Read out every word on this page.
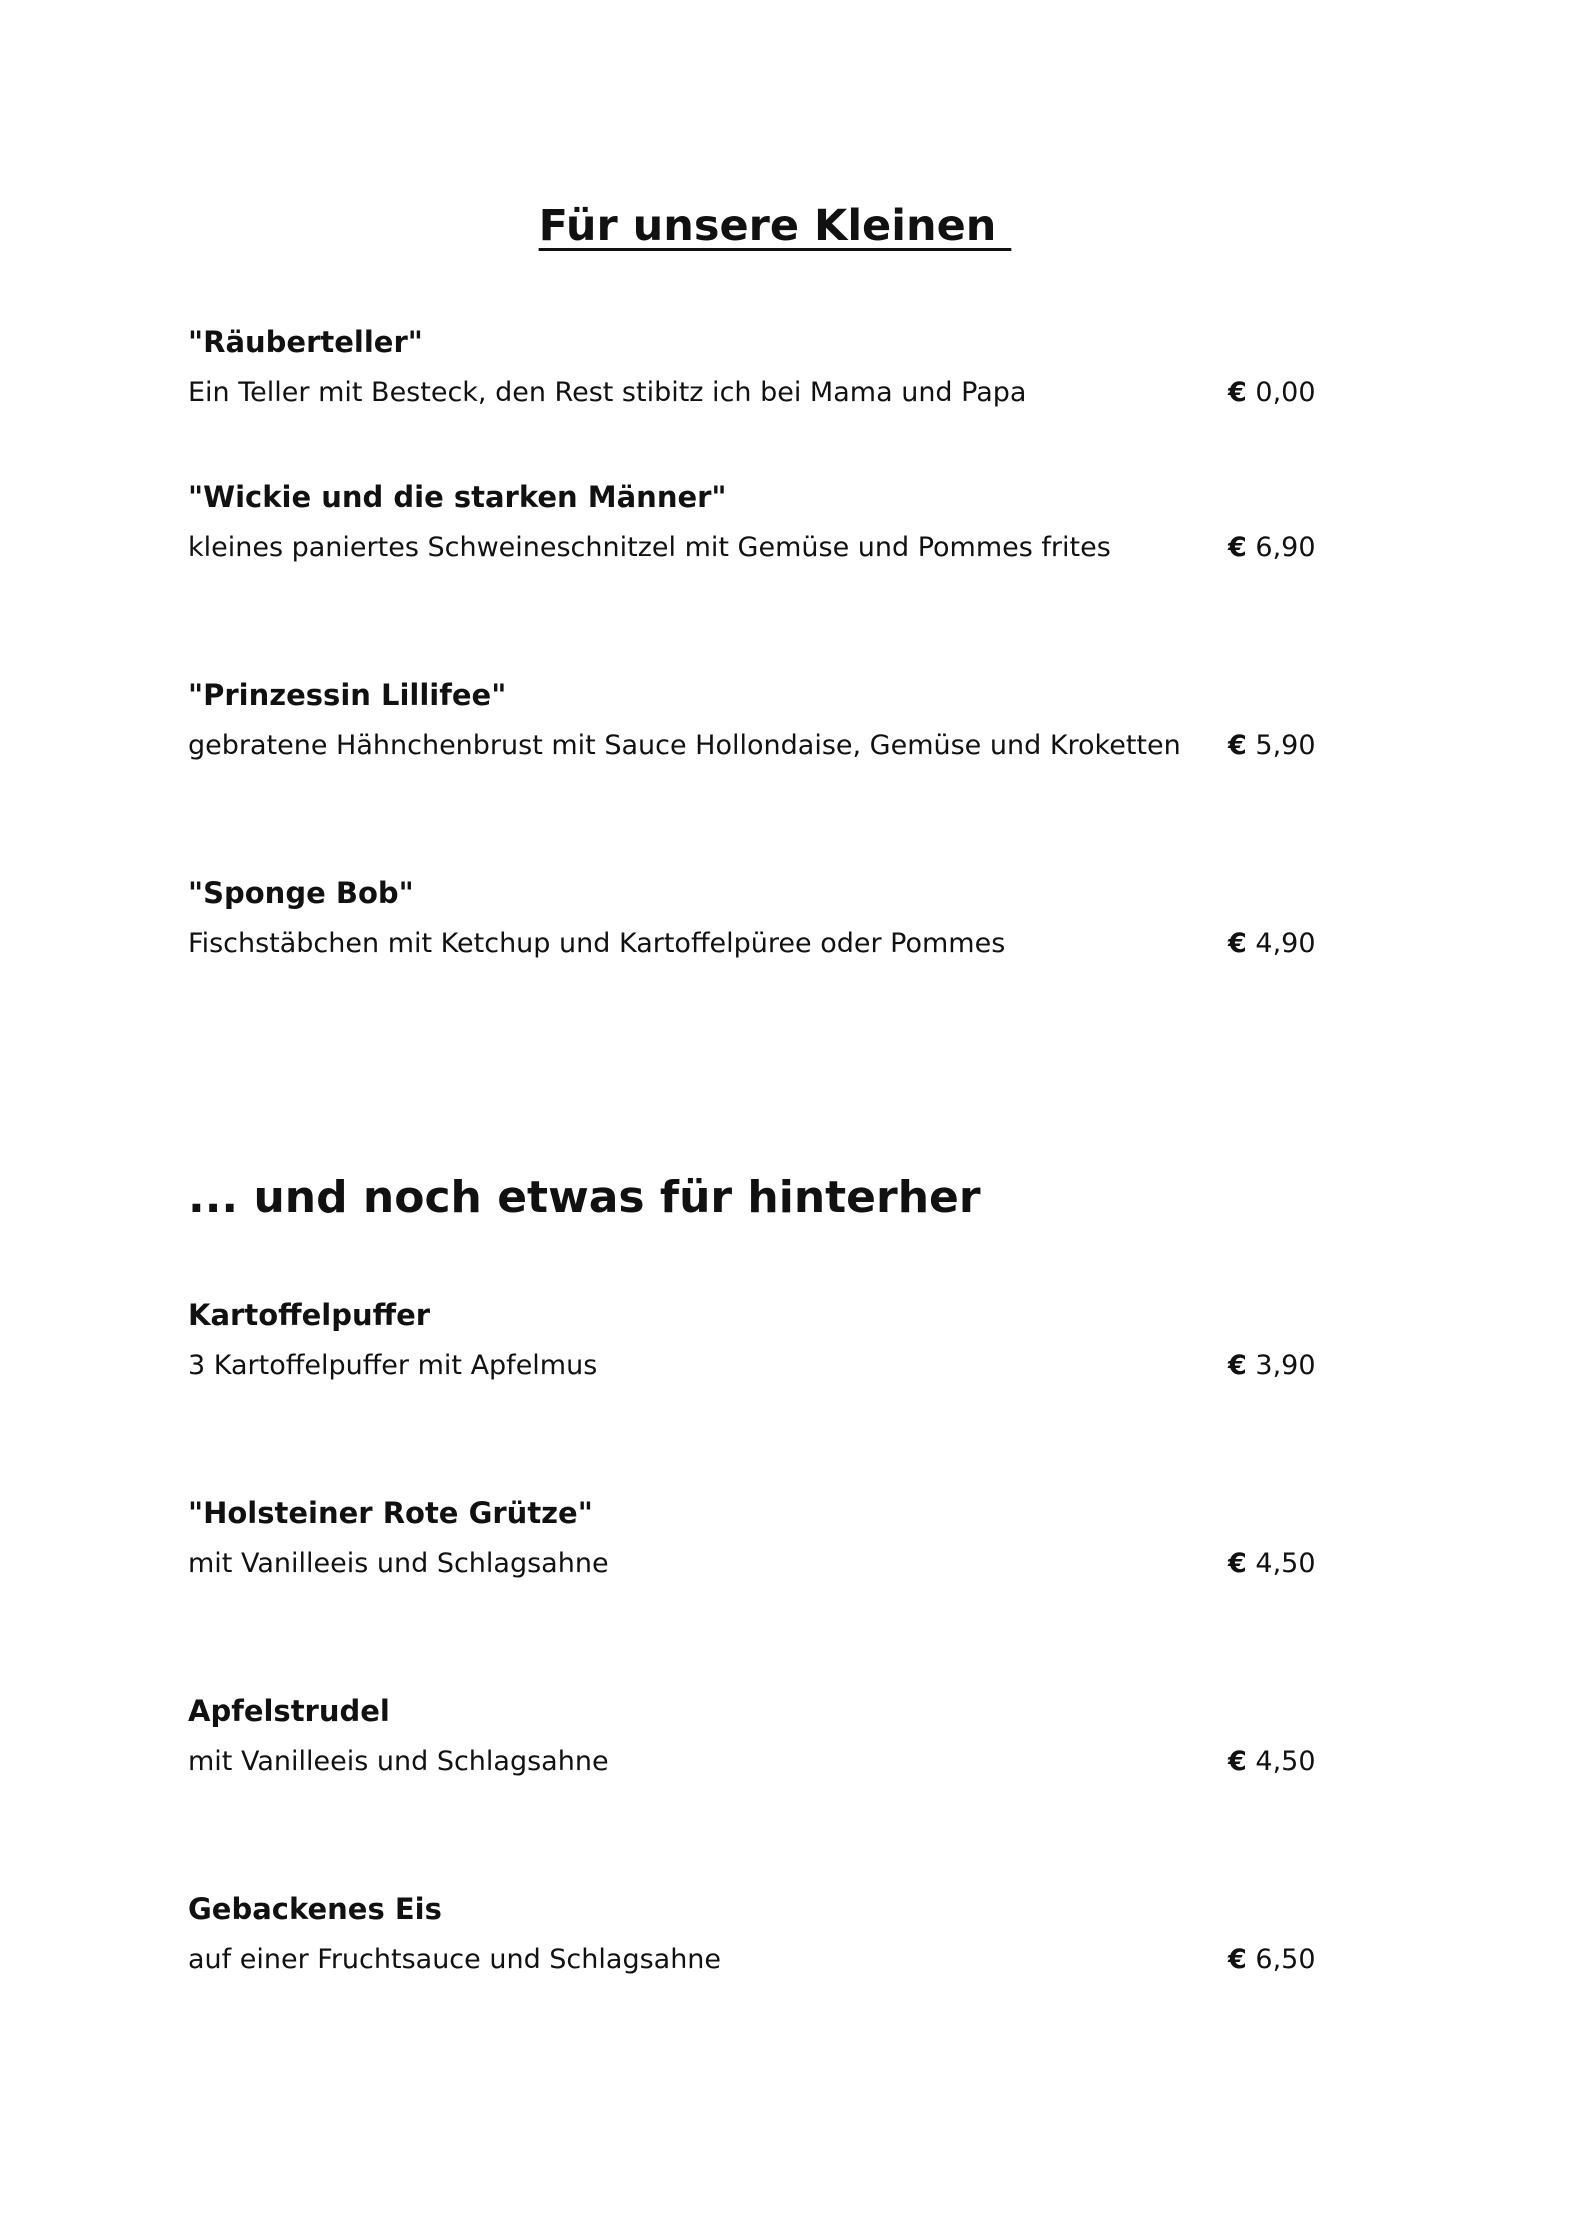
Für unsere Kleinen
"Räuberteller"
Ein Teller mit Besteck, den Rest stibitz ich bei Mama und Papa	€ 0,00
"Wickie und die starken Männer"
kleines paniertes Schweineschnitzel mit Gemüse und Pommes frites	€ 6,90
"Prinzessin Lillifee"
gebratene Hähnchenbrust mit Sauce Hollondaise, Gemüse und Kroketten € 5,90
"Sponge Bob"
Fischstäbchen mit Ketchup und Kartoffelpüree oder Pommes	€ 4,90
... und noch etwas für hinterher
Kartoffelpuffer
3 Kartoffelpuffer mit Apfelmus	€ 3,90
"Holsteiner Rote Grütze"
mit Vanilleeis und Schlagsahne	€ 4,50
Apfelstrudel
mit Vanilleeis und Schlagsahne	€ 4,50
Gebackenes Eis
auf einer Fruchtsauce und Schlagsahne	€ 6,50
